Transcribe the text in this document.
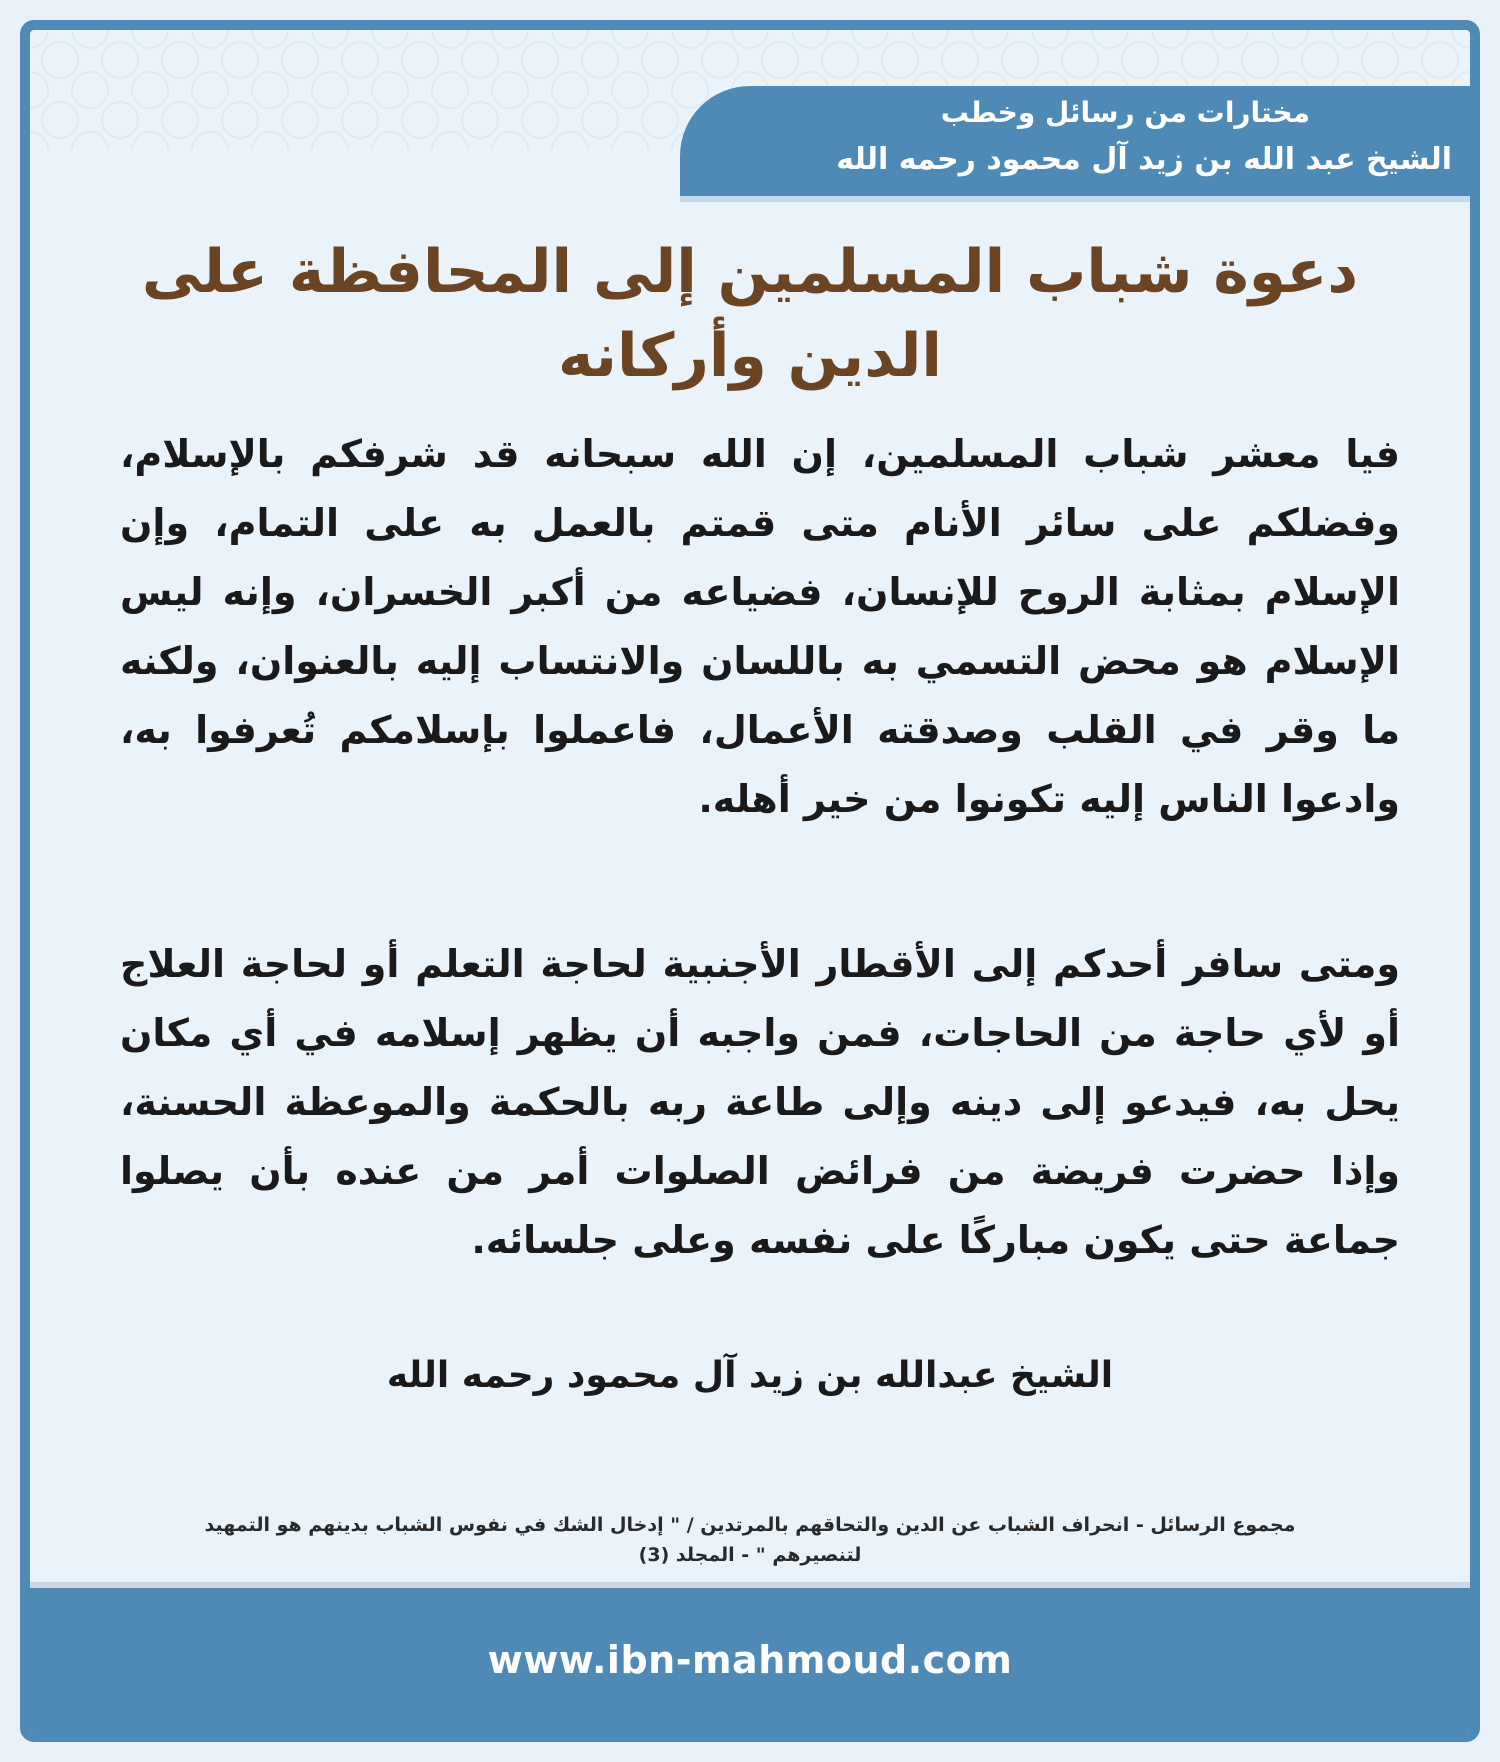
مختارات من رسائل وخطب
الشيخ عبد الله بن زيد آل محمود رحمه الله
دعوة شباب المسلمين إلى المحافظة على الدين وأركانه
فيا معشر شباب المسلمين، إن الله سبحانه قد شرفكم بالإسلام، وفضلكم على سائر الأنام متى قمتم بالعمل به على التمام، وإن الإسلام بمثابة الروح للإنسان، فضياعه من أكبر الخسران، وإنه ليس الإسلام هو محض التسمي به باللسان والانتساب إليه بالعنوان، ولكنه ما وقر في القلب وصدقته الأعمال، فاعملوا بإسلامكم تُعرفوا به، وادعوا الناس إليه تكونوا من خير أهله.
ومتى سافر أحدكم إلى الأقطار الأجنبية لحاجة التعلم أو لحاجة العلاج أو لأي حاجة من الحاجات، فمن واجبه أن يظهر إسلامه في أي مكان يحل به، فيدعو إلى دينه وإلى طاعة ربه بالحكمة والموعظة الحسنة، وإذا حضرت فريضة من فرائض الصلوات أمر من عنده بأن يصلوا جماعة حتى يكون مباركًا على نفسه وعلى جلسائه.
الشيخ عبدالله بن زيد آل محمود رحمه الله
مجموع الرسائل - انحراف الشباب عن الدين والتحاقهم بالمرتدين / " إدخال الشك في نفوس الشباب بدينهم هو التمهيد لتنصيرهم " - المجلد (3)
www.ibn-mahmoud.com
